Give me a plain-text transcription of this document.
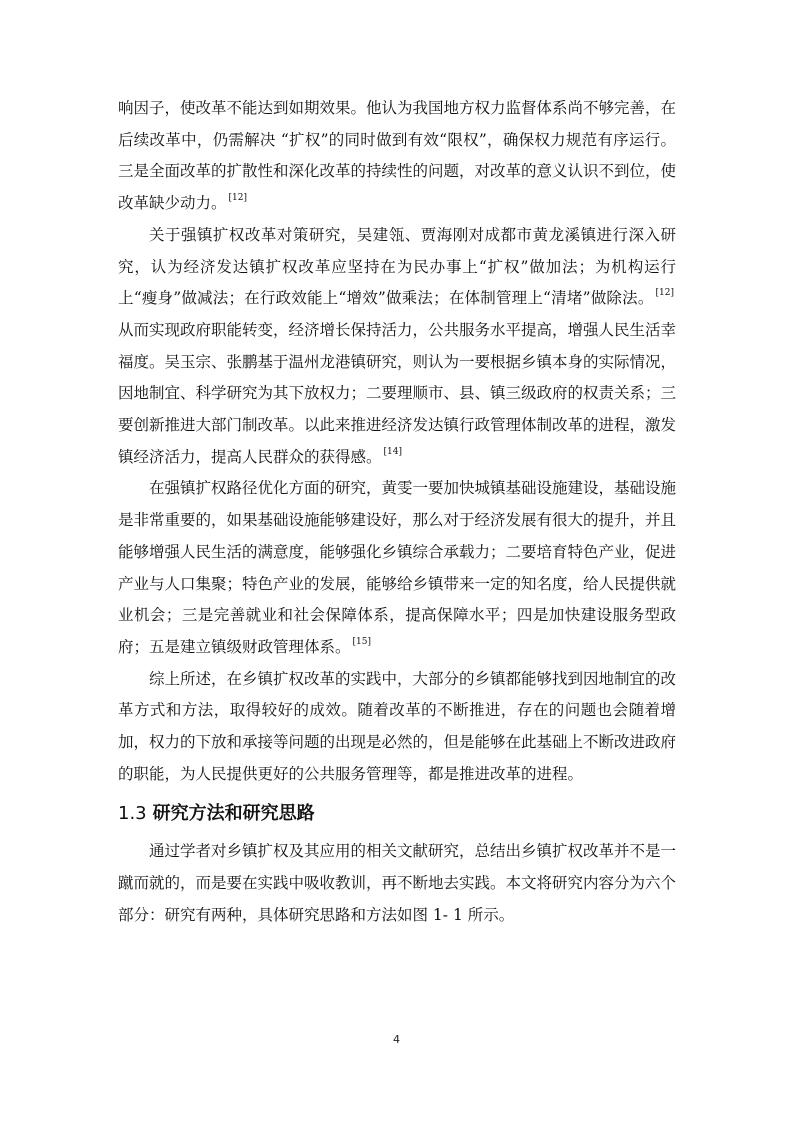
响因子，使改革不能达到如期效果。他认为我国地方权力监督体系尚不够完善，在后续改革中，仍需解决 “扩权”的同时做到有效“限权”，确保权力规范有序运行。三是全面改革的扩散性和深化改革的持续性的问题，对改革的意义认识不到位，使改革缺少动力。 [12]

关于强镇扩权改革对策研究，吴建瓴、贾海刚对成都市黄龙溪镇进行深入研究，认为经济发达镇扩权改革应坚持在为民办事上“扩权”做加法；为机构运行上“瘦身”做减法；在行政效能上“增效”做乘法；在体制管理上“清堵”做除法。 [12]从而实现政府职能转变，经济增长保持活力，公共服务水平提高，增强人民生活幸福度。吴玉宗、张鹏基于温州龙港镇研究，则认为一要根据乡镇本身的实际情况，因地制宜、科学研究为其下放权力；二要理顺市、县、镇三级政府的权责关系；三要创新推进大部门制改革。以此来推进经济发达镇行政管理体制改革的进程，激发镇经济活力，提高人民群众的获得感。 [14]

在强镇扩权路径优化方面的研究，黄雯一要加快城镇基础设施建设，基础设施是非常重要的，如果基础设施能够建设好，那么对于经济发展有很大的提升，并且能够增强人民生活的满意度，能够强化乡镇综合承载力；二要培育特色产业，促进产业与人口集聚；特色产业的发展，能够给乡镇带来一定的知名度，给人民提供就业机会；三是完善就业和社会保障体系，提高保障水平；四是加快建设服务型政府；五是建立镇级财政管理体系。 [15]

综上所述，在乡镇扩权改革的实践中，大部分的乡镇都能够找到因地制宜的改革方式和方法，取得较好的成效。随着改革的不断推进，存在的问题也会随着增加，权力的下放和承接等问题的出现是必然的，但是能够在此基础上不断改进政府的职能，为人民提供更好的公共服务管理等，都是推进改革的进程。

1.3 研究方法和研究思路

通过学者对乡镇扩权及其应用的相关文献研究，总结出乡镇扩权改革并不是一蹴而就的，而是要在实践中吸收教训，再不断地去实践。本文将研究内容分为六个部分：研究有两种，具体研究思路和方法如图 1- 1 所示。

4
